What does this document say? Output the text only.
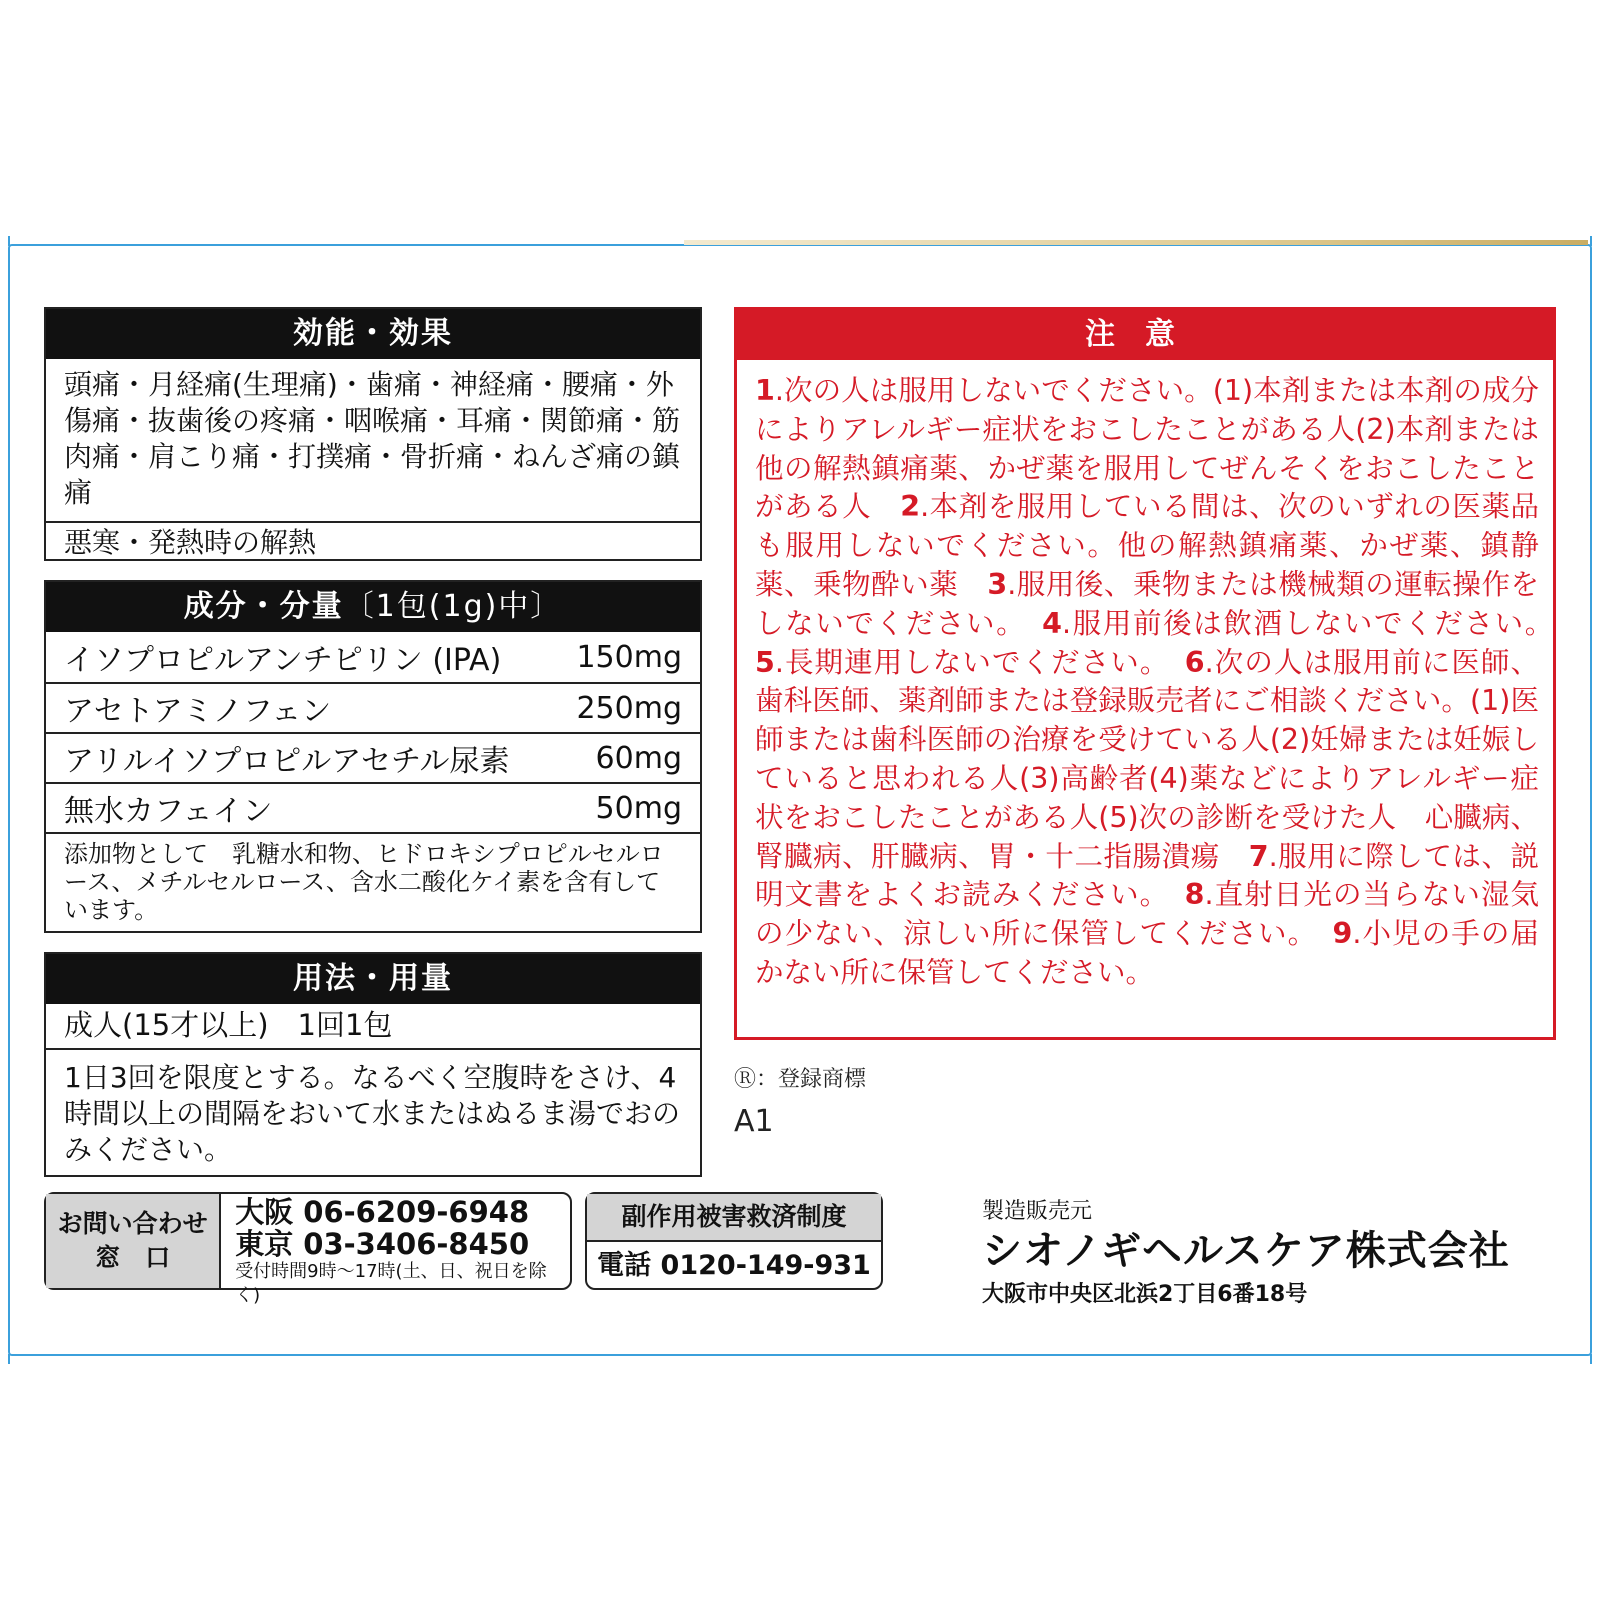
効能・効果
頭痛・月経痛(生理痛)・歯痛・神経痛・腰痛・外傷痛・抜歯後の疼痛・咽喉痛・耳痛・関節痛・筋肉痛・肩こり痛・打撲痛・骨折痛・ねんざ痛の鎮痛
悪寒・発熱時の解熱
成分・分量〔1包(1g)中〕
イソプロピルアンチピリン (IPA)	150mg
アセトアミノフェン	250mg
アリルイソプロピルアセチル尿素	60mg
無水カフェイン	50mg
添加物として　乳糖水和物、ヒドロキシプロピルセルロース、メチルセルロース、含水二酸化ケイ素を含有しています。
用法・用量
成人(15才以上)　1回1包
1日3回を限度とする。なるべく空腹時をさけ、4時間以上の間隔をおいて水またはぬるま湯でおのみください。
注意
1.次の人は服用しないでください。(1)本剤または本剤の成分によりアレルギー症状をおこしたことがある人(2)本剤または他の解熱鎮痛薬、かぜ薬を服用してぜんそくをおこしたことがある人　2.本剤を服用している間は、次のいずれの医薬品も服用しないでください。他の解熱鎮痛薬、かぜ薬、鎮静薬、乗物酔い薬　3.服用後、乗物または機械類の運転操作をしないでください。　4.服用前後は飲酒しないでください。　5.長期連用しないでください。　6.次の人は服用前に医師、歯科医師、薬剤師または登録販売者にご相談ください。(1)医師または歯科医師の治療を受けている人(2)妊婦または妊娠していると思われる人(3)高齢者(4)薬などによりアレルギー症状をおこしたことがある人(5)次の診断を受けた人　心臓病、腎臓病、肝臓病、胃・十二指腸潰瘍　7.服用に際しては、説明文書をよくお読みください。　8.直射日光の当らない湿気の少ない、涼しい所に保管してください。　9.小児の手の届かない所に保管してください。
Ⓡ：登録商標
A1
お問い合わせ
窓　口
大阪 06-6209-6948
東京 03-3406-8450
受付時間9時〜17時(土、日、祝日を除く)
副作用被害救済制度
電話 0120-149-931
製造販売元
シオノギヘルスケア株式会社
大阪市中央区北浜2丁目6番18号
